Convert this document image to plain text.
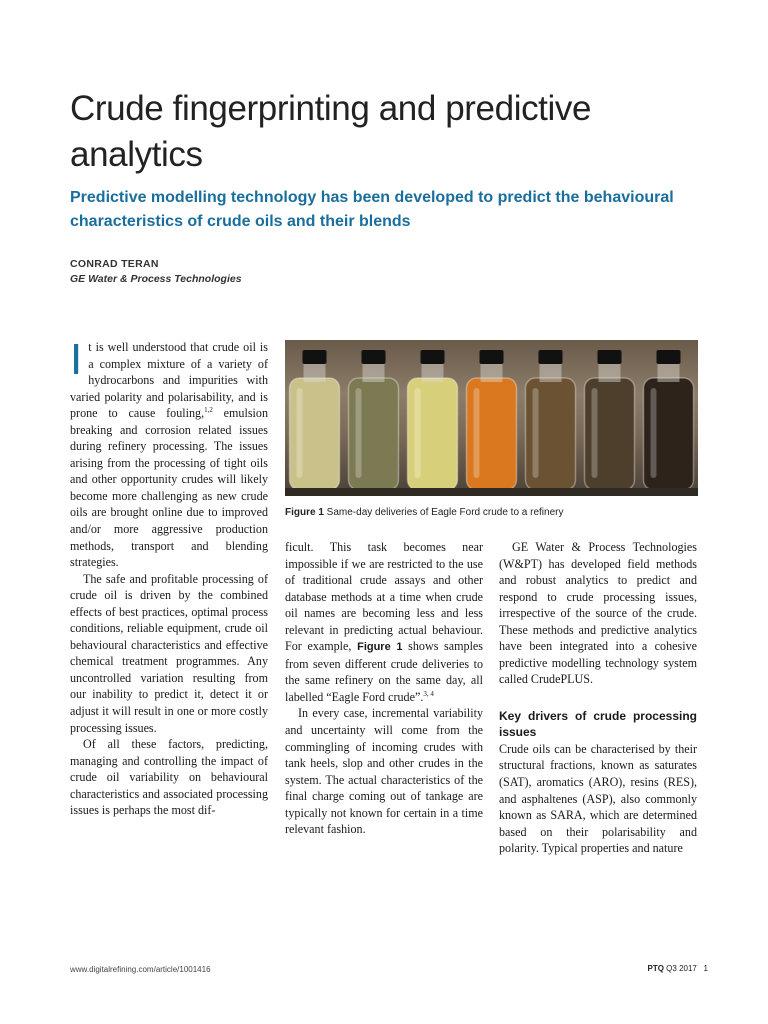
Crude fingerprinting and predictive analytics
Predictive modelling technology has been developed to predict the behavioural characteristics of crude oils and their blends
CONRAD TERAN
GE Water & Process Technologies

It is well understood that crude oil is a complex mixture of a variety of hydrocarbons and impurities with varied polarity and polarisability, and is prone to cause fouling,$^{1,2}$ emulsion breaking and corrosion related issues during refinery processing. The issues arising from the processing of tight oils and other opportunity crudes will likely become more challenging as new crude oils are brought online due to improved and/or more aggressive production methods, transport and blending strategies.

The safe and profitable processing of crude oil is driven by the combined effects of best practices, optimal process conditions, reliable equipment, crude oil behavioural characteristics and effective chemical treatment programmes. Any uncontrolled variation resulting from our inability to predict it, detect it or adjust it will result in one or more costly processing issues.

Of all these factors, predicting, managing and controlling the impact of crude oil variability on behavioural characteristics and associated processing issues is perhaps the most dif-

Figure 1 Same-day deliveries of Eagle Ford crude to a refinery

ficult. This task becomes near impossible if we are restricted to the use of traditional crude assays and other database methods at a time when crude oil names are becoming less and less relevant in predicting actual behaviour. For example, Figure 1 shows samples from seven different crude deliveries to the same refinery on the same day, all labelled “Eagle Ford crude”.$^{3, 4}$

In every case, incremental variability and uncertainty will come from the commingling of incoming crudes with tank heels, slop and other crudes in the system. The actual characteristics of the final charge coming out of tankage are typically not known for certain in a time relevant fashion.

GE Water & Process Technologies (W&PT) has developed field methods and robust analytics to predict and respond to crude processing issues, irrespective of the source of the crude. These methods and predictive analytics have been integrated into a cohesive predictive modelling technology system called CrudePLUS.

Key drivers of crude processing issues

Crude oils can be characterised by their structural fractions, known as saturates (SAT), aromatics (ARO), resins (RES), and asphaltenes (ASP), also commonly known as SARA, which are determined based on their polarisability and polarity. Typical properties and nature

www.digitalrefining.com/article/1001416	PTQ Q3 2017 1
